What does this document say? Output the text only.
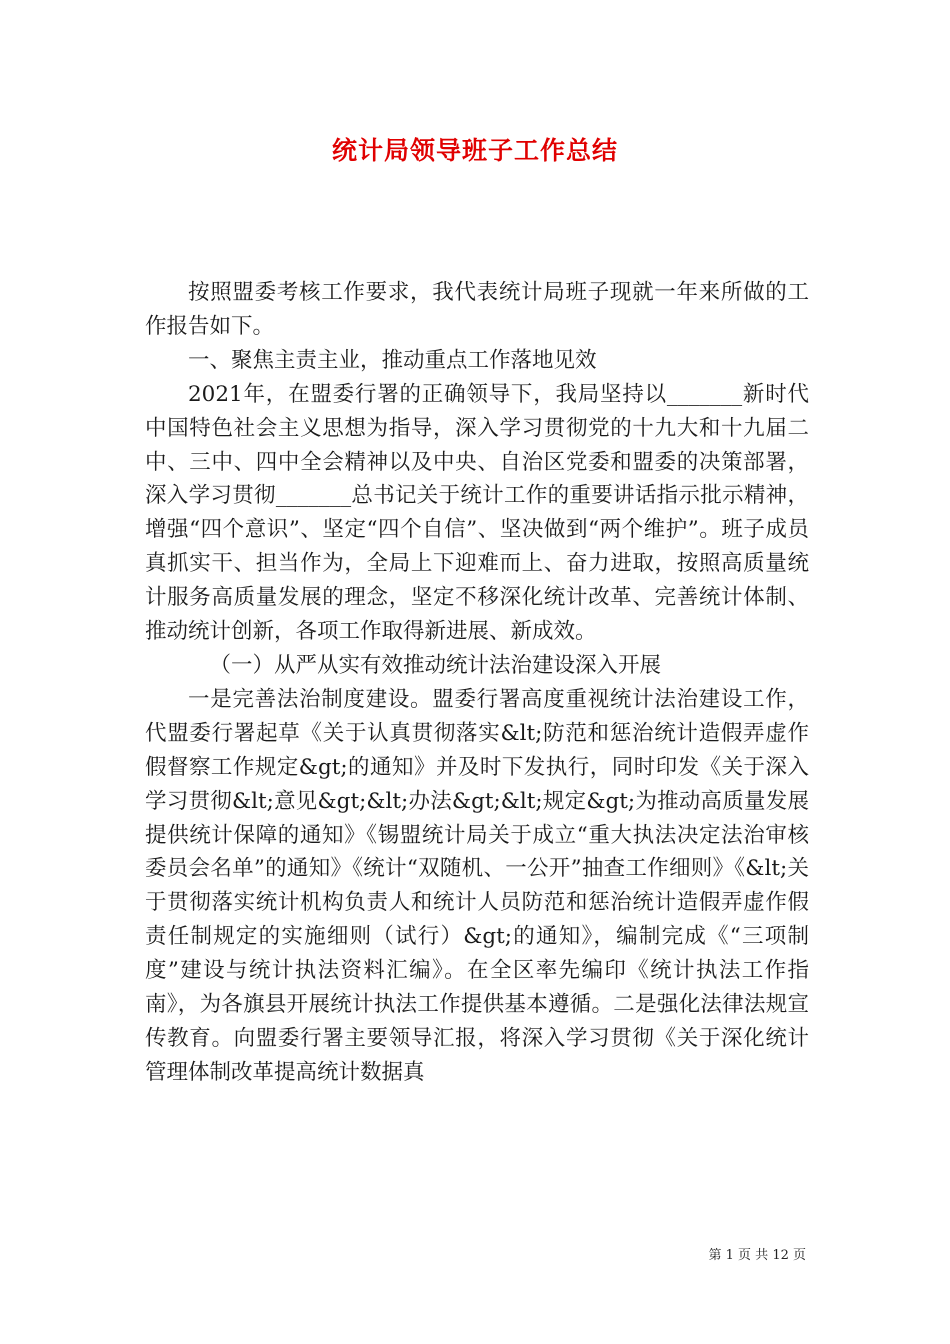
统计局领导班子工作总结

按照盟委考核工作要求，我代表统计局班子现就一年来所做的工作报告如下。

一、聚焦主责主业，推动重点工作落地见效

2021年，在盟委行署的正确领导下，我局坚持以_______新时代中国特色社会主义思想为指导，深入学习贯彻党的十九大和十九届二中、三中、四中全会精神以及中央、自治区党委和盟委的决策部署，深入学习贯彻_______总书记关于统计工作的重要讲话指示批示精神，增强“四个意识”、坚定“四个自信”、坚决做到“两个维护”。班子成员真抓实干、担当作为，全局上下迎难而上、奋力进取，按照高质量统计服务高质量发展的理念，坚定不移深化统计改革、完善统计体制、推动统计创新，各项工作取得新进展、新成效。

（一）从严从实有效推动统计法治建设深入开展

一是完善法治制度建设。盟委行署高度重视统计法治建设工作，代盟委行署起草《关于认真贯彻落实&lt;防范和惩治统计造假弄虚作假督察工作规定&gt;的通知》并及时下发执行，同时印发《关于深入学习贯彻&lt;意见&gt;&lt;办法&gt;&lt;规定&gt;为推动高质量发展提供统计保障的通知》《锡盟统计局关于成立“重大执法决定法治审核委员会名单”的通知》《统计“双随机、一公开”抽查工作细则》《&lt;关于贯彻落实统计机构负责人和统计人员防范和惩治统计造假弄虚作假责任制规定的实施细则（试行）&gt;的通知》，编制完成《“三项制度”建设与统计执法资料汇编》。在全区率先编印《统计执法工作指南》，为各旗县开展统计执法工作提供基本遵循。二是强化法律法规宣传教育。向盟委行署主要领导汇报，将深入学习贯彻《关于深化统计管理体制改革提高统计数据真

第 1 页 共 12 页
